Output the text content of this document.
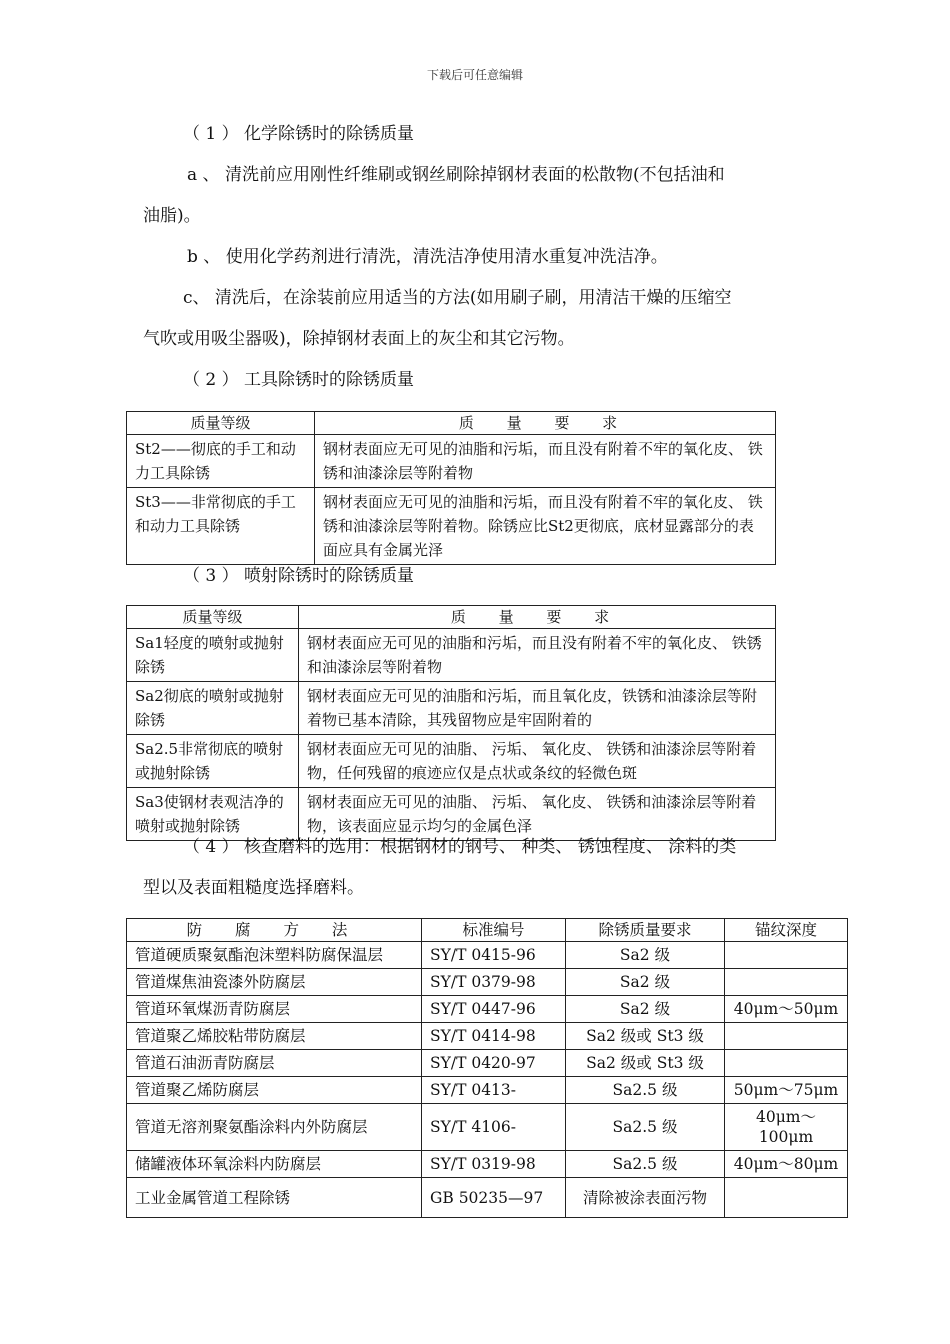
下载后可任意编辑
（ 1 ） 化学除锈时的除锈质量
a 、 清洗前应用刚性纤维刷或钢丝刷除掉钢材表面的松散物(不包括油和
油脂)。
b 、 使用化学药剂进行清洗，清洗洁净使用清水重复冲洗洁净。
c、 清洗后，在涂装前应用适当的方法(如用刷子刷，用清洁干燥的压缩空
气吹或用吸尘器吸)，除掉钢材表面上的灰尘和其它污物。
（ 2 ） 工具除锈时的除锈质量
质量等级	质 量 要 求
St2——彻底的手工和动力工具除锈	钢材表面应无可见的油脂和污垢，而且没有附着不牢的氧化皮、 铁锈和油漆涂层等附着物
St3——非常彻底的手工和动力工具除锈	钢材表面应无可见的油脂和污垢，而且没有附着不牢的氧化皮、 铁锈和油漆涂层等附着物。除锈应比St2更彻底，底材显露部分的表面应具有金属光泽
（ 3 ） 喷射除锈时的除锈质量
质量等级	质 量 要 求
Sa1轻度的喷射或抛射除锈	钢材表面应无可见的油脂和污垢，而且没有附着不牢的氧化皮、 铁锈和油漆涂层等附着物
Sa2彻底的喷射或抛射除锈	钢材表面应无可见的油脂和污垢，而且氧化皮，铁锈和油漆涂层等附着物已基本清除，其残留物应是牢固附着的
Sa2.5非常彻底的喷射或抛射除锈	钢材表面应无可见的油脂、 污垢、 氧化皮、 铁锈和油漆涂层等附着物，任何残留的痕迹应仅是点状或条纹的轻微色斑
Sa3使钢材表观洁净的喷射或抛射除锈	钢材表面应无可见的油脂、 污垢、 氧化皮、 铁锈和油漆涂层等附着物，该表面应显示均匀的金属色泽
（ 4 ） 核查磨料的选用：根据钢材的钢号、 种类、 锈蚀程度、 涂料的类
型以及表面粗糙度选择磨料。
防 腐 方 法	标准编号	除锈质量要求	锚纹深度
管道硬质聚氨酯泡沫塑料防腐保温层	SY/T 0415-96	Sa2 级	
管道煤焦油瓷漆外防腐层	SY/T 0379-98	Sa2 级	
管道环氧煤沥青防腐层	SY/T 0447-96	Sa2 级	40μm～50μm
管道聚乙烯胶粘带防腐层	SY/T 0414-98	Sa2 级或 St3 级	
管道石油沥青防腐层	SY/T 0420-97	Sa2 级或 St3 级	
管道聚乙烯防腐层	SY/T 0413-	Sa2.5 级	50μm～75μm
管道无溶剂聚氨酯涂料内外防腐层	SY/T 4106-	Sa2.5 级	40μm～100μm
储罐液体环氧涂料内防腐层	SY/T 0319-98	Sa2.5 级	40μm～80μm
工业金属管道工程除锈	GB 50235—97	清除被涂表面污物	
